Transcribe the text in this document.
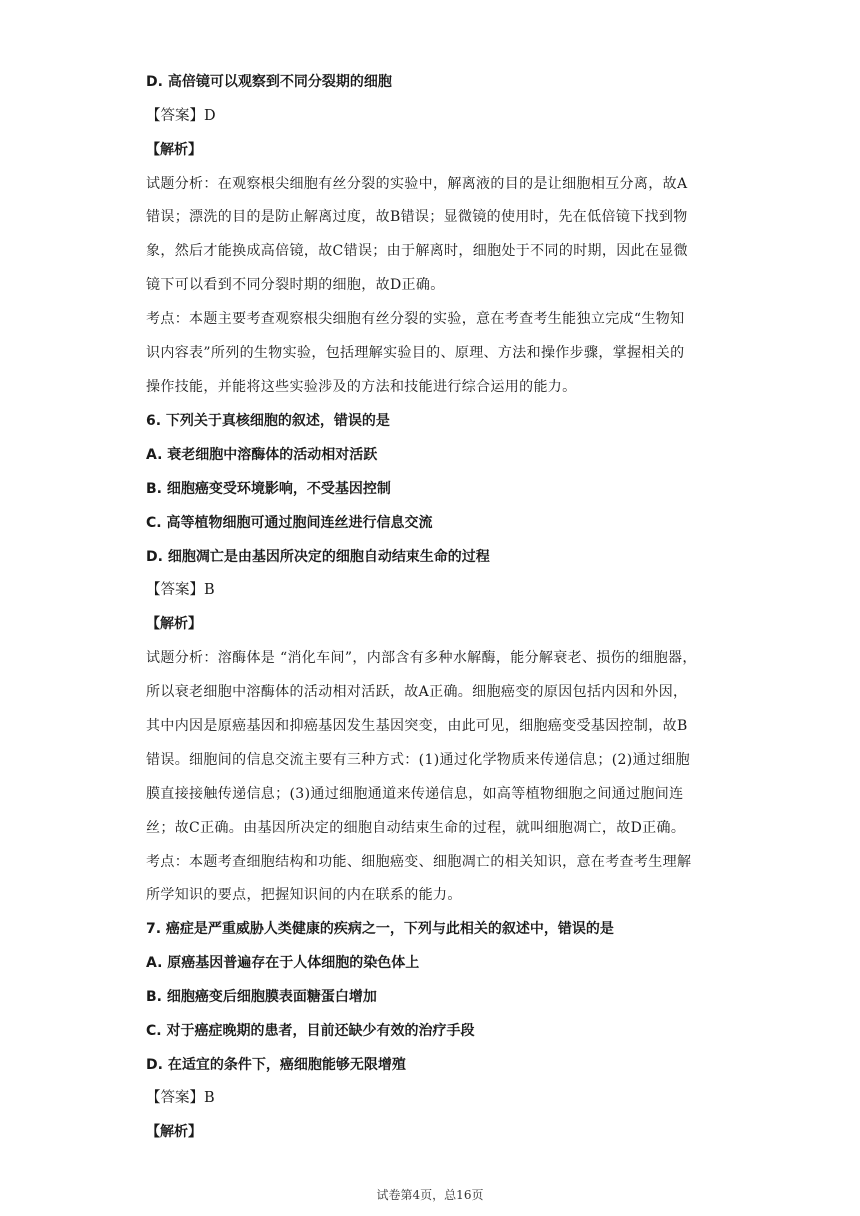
D. 高倍镜可以观察到不同分裂期的细胞
【答案】D
【解析】
试题分析：在观察根尖细胞有丝分裂的实验中，解离液的目的是让细胞相互分离，故A
错误；漂洗的目的是防止解离过度，故B错误；显微镜的使用时，先在低倍镜下找到物
象，然后才能换成高倍镜，故C错误；由于解离时，细胞处于不同的时期，因此在显微
镜下可以看到不同分裂时期的细胞，故D正确。
考点：本题主要考查观察根尖细胞有丝分裂的实验，意在考查考生能独立完成“生物知
识内容表”所列的生物实验，包括理解实验目的、原理、方法和操作步骤，掌握相关的
操作技能，并能将这些实验涉及的方法和技能进行综合运用的能力。
6. 下列关于真核细胞的叙述，错误的是
A. 衰老细胞中溶酶体的活动相对活跃
B. 细胞癌变受环境影响，不受基因控制
C. 高等植物细胞可通过胞间连丝进行信息交流
D. 细胞凋亡是由基因所决定的细胞自动结束生命的过程
【答案】B
【解析】
试题分析：溶酶体是 “消化车间”，内部含有多种水解酶，能分解衰老、损伤的细胞器，
所以衰老细胞中溶酶体的活动相对活跃，故A正确。细胞癌变的原因包括内因和外因，
其中内因是原癌基因和抑癌基因发生基因突变，由此可见，细胞癌变受基因控制，故B
错误。细胞间的信息交流主要有三种方式：(1)通过化学物质来传递信息；(2)通过细胞
膜直接接触传递信息；(3)通过细胞通道来传递信息，如高等植物细胞之间通过胞间连
丝；故C正确。由基因所决定的细胞自动结束生命的过程，就叫细胞凋亡，故D正确。
考点：本题考查细胞结构和功能、细胞癌变、细胞凋亡的相关知识，意在考查考生理解
所学知识的要点，把握知识间的内在联系的能力。
7. 癌症是严重威胁人类健康的疾病之一，下列与此相关的叙述中，错误的是
A. 原癌基因普遍存在于人体细胞的染色体上
B. 细胞癌变后细胞膜表面糖蛋白增加
C. 对于癌症晚期的患者，目前还缺少有效的治疗手段
D. 在适宜的条件下，癌细胞能够无限增殖
【答案】B
【解析】
试卷第4页，总16页
